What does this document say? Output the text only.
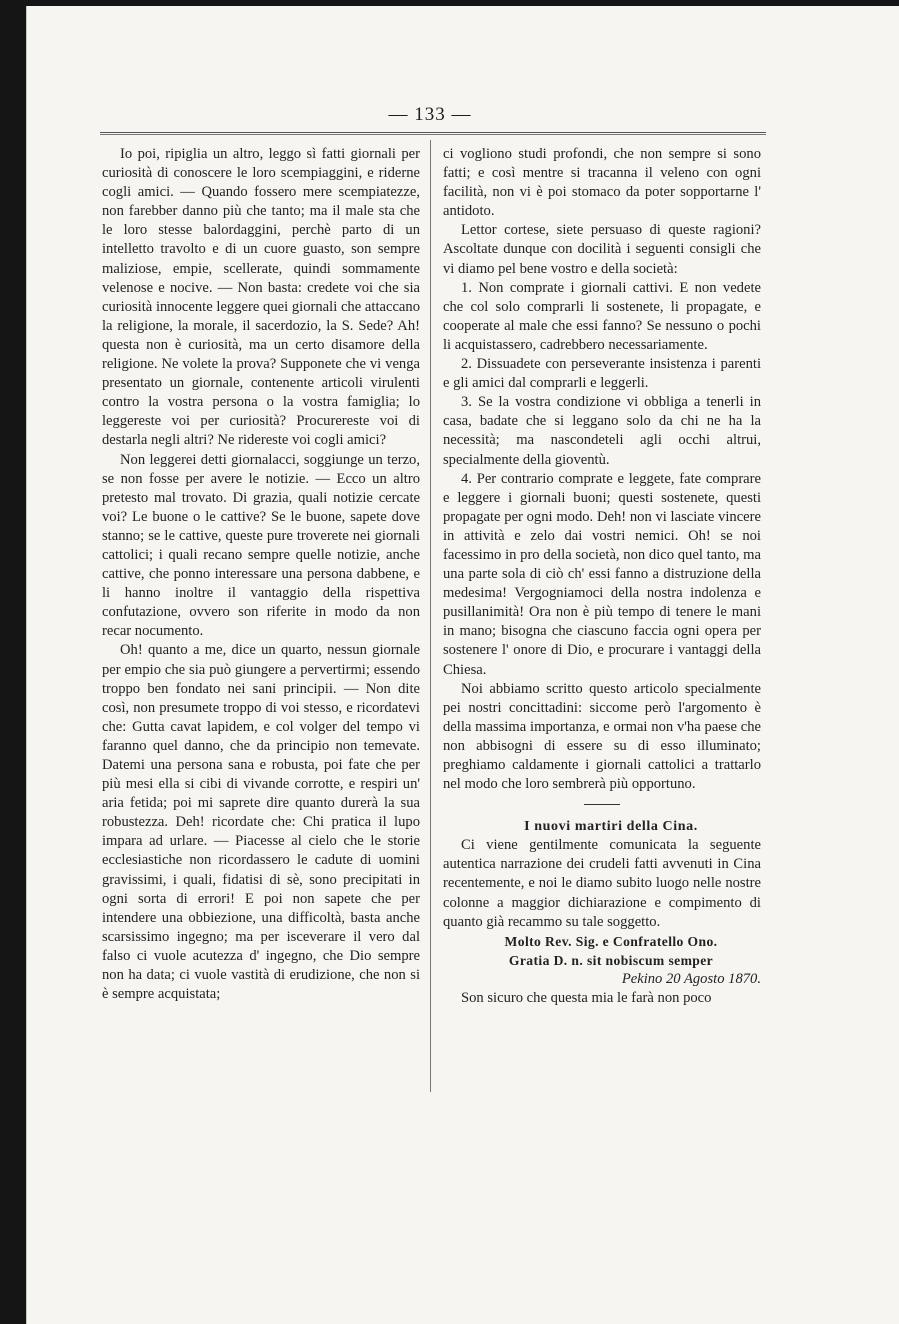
— 133 —

Io poi, ripiglia un altro, leggo sì fatti giornali per curiosità di conoscere le loro scempiaggini, e riderne cogli amici. — Quando fossero mere scempiatezze, non farebber danno più che tanto; ma il male sta che le loro stesse balordaggini, perchè parto di un intelletto travolto e di un cuore guasto, son sempre maliziose, empie, scellerate, quindi sommamente velenose e nocive. — Non basta: credete voi che sia curiosità innocente leggere quei giornali che attaccano la religione, la morale, il sacerdozio, la S. Sede? Ah! questa non è curiosità, ma un certo disamore della religione. Ne volete la prova? Supponete che vi venga presentato un giornale, contenente articoli virulenti contro la vostra persona o la vostra famiglia; lo leggereste voi per curiosità? Procurereste voi di destarla negli altri? Ne ridereste voi cogli amici?

Non leggerei detti giornalacci, soggiunge un terzo, se non fosse per avere le notizie. — Ecco un altro pretesto mal trovato. Di grazia, quali notizie cercate voi? Le buone o le cattive? Se le buone, sapete dove stanno; se le cattive, queste pure troverete nei giornali cattolici; i quali recano sempre quelle notizie, anche cattive, che ponno interessare una persona dabbene, e li hanno inoltre il vantaggio della rispettiva confutazione, ovvero son riferite in modo da non recar nocumento.

Oh! quanto a me, dice un quarto, nessun giornale per empio che sia può giungere a pervertirmi; essendo troppo ben fondato nei sani principii. — Non dite così, non presumete troppo di voi stesso, e ricordatevi che: Gutta cavat lapidem, e col volger del tempo vi faranno quel danno, che da principio non temevate. Datemi una persona sana e robusta, poi fate che per più mesi ella si cibi di vivande corrotte, e respiri un' aria fetida; poi mi saprete dire quanto durerà la sua robustezza. Deh! ricordate che: Chi pratica il lupo impara ad urlare. — Piacesse al cielo che le storie ecclesiastiche non ricordassero le cadute di uomini gravissimi, i quali, fidatisi di sè, sono precipitati in ogni sorta di errori! E poi non sapete che per intendere una obbiezione, una difficoltà, basta anche scarsissimo ingegno; ma per isceverare il vero dal falso ci vuole acutezza d' ingegno, che Dio sempre non ha data; ci vuole vastità di erudizione, che non si è sempre acquistata;

ci vogliono studi profondi, che non sempre si sono fatti; e così mentre si tracanna il veleno con ogni facilità, non vi è poi stomaco da poter sopportarne l' antidoto.

Lettor cortese, siete persuaso di queste ragioni? Ascoltate dunque con docilità i seguenti consigli che vi diamo pel bene vostro e della società:

1. Non comprate i giornali cattivi. E non vedete che col solo comprarli li sostenete, li propagate, e cooperate al male che essi fanno? Se nessuno o pochi li acquistassero, cadrebbero necessariamente.

2. Dissuadete con perseverante insistenza i parenti e gli amici dal comprarli e leggerli.

3. Se la vostra condizione vi obbliga a tenerli in casa, badate che si leggano solo da chi ne ha la necessità; ma nascondeteli agli occhi altrui, specialmente della gioventù.

4. Per contrario comprate e leggete, fate comprare e leggere i giornali buoni; questi sostenete, questi propagate per ogni modo. Deh! non vi lasciate vincere in attività e zelo dai vostri nemici. Oh! se noi facessimo in pro della società, non dico quel tanto, ma una parte sola di ciò ch' essi fanno a distruzione della medesima! Vergogniamoci della nostra indolenza e pusillanimità! Ora non è più tempo di tenere le mani in mano; bisogna che ciascuno faccia ogni opera per sostenere l' onore di Dio, e procurare i vantaggi della Chiesa.

Noi abbiamo scritto questo articolo specialmente pei nostri concittadini: siccome però l'argomento è della massima importanza, e ormai non v'ha paese che non abbisogni di essere su di esso illuminato; preghiamo caldamente i giornali cattolici a trattarlo nel modo che loro sembrerà più opportuno.

I nuovi martiri della Cina.

Ci viene gentilmente comunicata la seguente autentica narrazione dei crudeli fatti avvenuti in Cina recentemente, e noi le diamo subito luogo nelle nostre colonne a maggior dichiarazione e compimento di quanto già recammo su tale soggetto.

Molto Rev. Sig. e Confratello Ono.

Gratia D. n. sit nobiscum semper

Pekino 20 Agosto 1870.

Son sicuro che questa mia le farà non poco
